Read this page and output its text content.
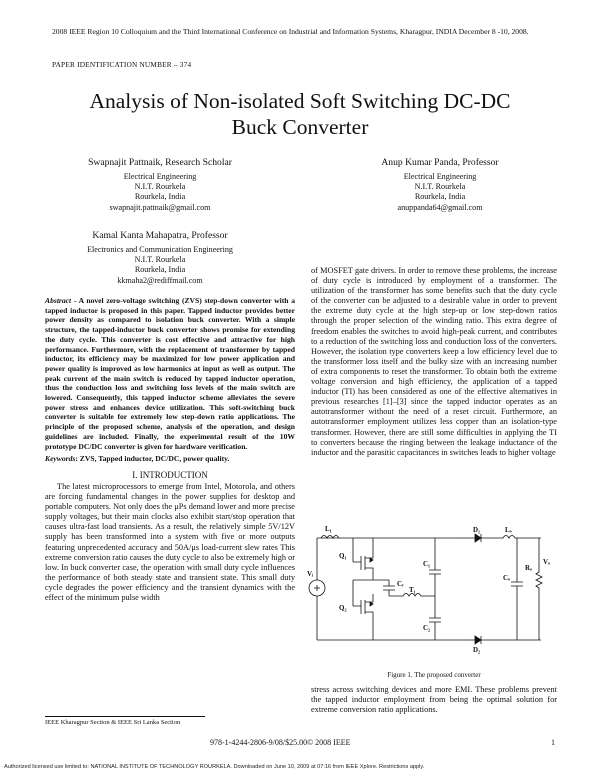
2008 IEEE Region 10 Colloquium and the Third International Conference on Industrial and Information Systems, Kharagpur, INDIA December 8 -10, 2008.
PAPER IDENTIFICATION NUMBER – 374
Analysis of Non-isolated Soft Switching DC-DC
Buck Converter
Swapnajit Pattnaik, Research Scholar
Electrical Engineering
N.I.T. Rourkela
Rourkela, India
swapnajit.pattnaik@gmail.com
Anup Kumar Panda, Professor
Electrical Engineering
N.I.T. Rourkela
Rourkela, India
anuppanda64@gmail.com
Kamal Kanta Mahapatra, Professor
Electronics and Communication Engineering
N.I.T. Rourkela
Rourkela, India
kkmaha2@rediffmail.com
Abstract - A novel zero-voltage switching (ZVS) step-down converter with a tapped inductor is proposed in this paper. Tapped inductor provides better power density as compared to isolation buck converter. With a simple structure, the tapped-inductor buck converter shows promise for extending the duty cycle. This converter is cost effective and attractive for high performance. Furthermore, with the replacement of transformer by tapped inductor, its efficiency may be maximized for low power application and power quality is improved as low harmonics at input as well as output. The peak current of the main switch is reduced by tapped inductor operation, thus the conduction loss and switching loss levels of the main switch are lowered. Consequently, this tapped inductor scheme alleviates the severe power stress and enhances device utilization. This soft-switching buck converter is suitable for extremely low step-down ratio applications. The principle of the proposed scheme, analysis of the operation, and design guidelines are included. Finally, the experimental result of the 10W prototype DC/DC converter is given for hardware verification.
Keywords: ZVS, Tapped inductor, DC/DC, power quality.
I. INTRODUCTION
The latest microprocessors to emerge from Intel, Motorola, and others are forcing fundamental changes in the power supplies for desktop and portable computers. Not only does the μPs demand lower and more precise supply voltages, but their main clocks also exhibit start/stop operation that causes ultra-fast load transients. As a result, the relatively simple 5V/12V supply has been transformed into a system with five or more outputs featuring unprecedented accuracy and 50A/μs load-current slew rates This extreme conversion ratio causes the duty cycle to also be extremely high or low. In buck converter case, the operation with small duty cycle influences the performance of both steady state and transient state. This small duty cycle degrades the power efficiency and the transient dynamics with the effect of the minimum pulse width
of MOSFET gate drivers. In order to remove these problems, the increase of duty cycle is introduced by employment of a transformer. The utilization of the transformer has some benefits such that the duty cycle of the converter can be adjusted to a desirable value in order to prevent the extreme duty cycle at the high step-up or low step-down ratios through the proper selection of the winding ratio. This extra degree of freedom enables the switches to avoid high-peak current, and contributes to a reduction of the switching loss and conduction loss of the converters. However, the isolation type converters keep a low efficiency level due to the transformer loss itself and the bulky size with an increasing number of extra components to reset the transformer. To obtain both the extreme voltage conversion and high efficiency, the application of a tapped inductor (TI) has been considered as one of the effective alternatives in previous researches [1]–[3] since the tapped inductor operates as an autotransformer without the need of a reset circuit. Furthermore, an autotransformer employment utilizes less copper than an isolation-type transformer. However, there are still some difficulties in applying the TI to converters because the ringing between the leakage inductance of the inductor and the parasitic capacitances in switches leads to higher voltage
L₁
Q₁
Q₂
Cᵣ
Vᵢ
T₁
C₁
C₂
D₁
D₂
Lₒ
Cₒ
Rₒ
Vₒ
Figure 1. The proposed converter
stress across switching devices and more EMI. These problems prevent the tapped inductor employment from being the optimal solution for extreme conversion ratio applications.
IEEE Kharagpur Section & IEEE Sri Lanka Section
978-1-4244-2806-9/08/$25.00© 2008 IEEE	1
Authorized licensed use limited to: NATIONAL INSTITUTE OF TECHNOLOGY ROURKELA. Downloaded on June 10, 2009 at 07:16 from IEEE Xplore. Restrictions apply.
